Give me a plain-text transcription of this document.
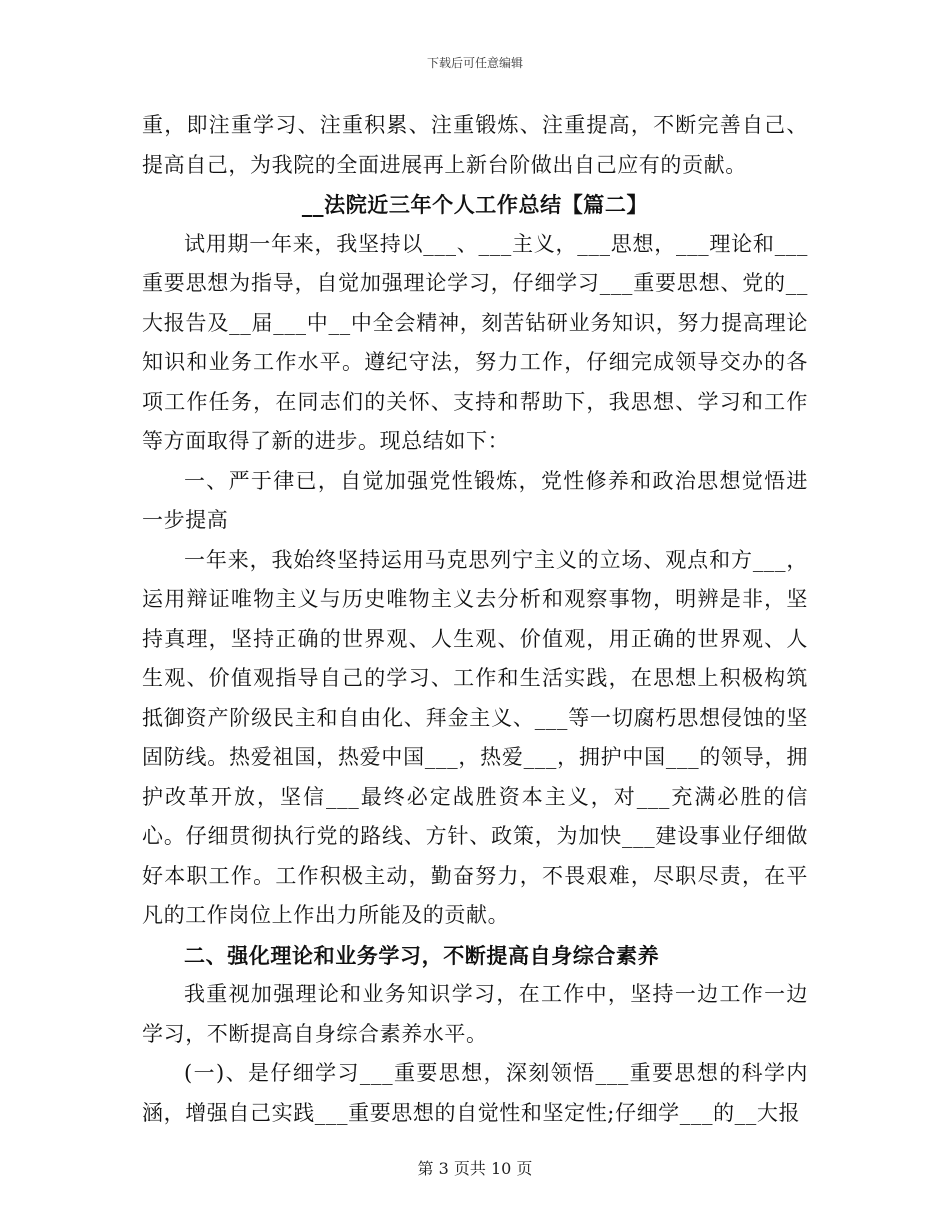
下载后可任意编辑

重，即注重学习、注重积累、注重锻炼、注重提高，不断完善自己、提高自己，为我院的全面进展再上新台阶做出自己应有的贡献。

__法院近三年个人工作总结【篇二】

试用期一年来，我坚持以___、___主义，___思想，___理论和___重要思想为指导，自觉加强理论学习，仔细学习___重要思想、党的__大报告及__届___中__中全会精神，刻苦钻研业务知识，努力提高理论知识和业务工作水平。遵纪守法，努力工作，仔细完成领导交办的各项工作任务，在同志们的关怀、支持和帮助下，我思想、学习和工作等方面取得了新的进步。现总结如下：

一、严于律已，自觉加强党性锻炼，党性修养和政治思想觉悟进一步提高

一年来，我始终坚持运用马克思列宁主义的立场、观点和方___，运用辩证唯物主义与历史唯物主义去分析和观察事物，明辨是非，坚持真理，坚持正确的世界观、人生观、价值观，用正确的世界观、人生观、价值观指导自己的学习、工作和生活实践，在思想上积极构筑抵御资产阶级民主和自由化、拜金主义、___等一切腐朽思想侵蚀的坚固防线。热爱祖国，热爱中国___，热爱___，拥护中国___的领导，拥护改革开放，坚信___最终必定战胜资本主义，对___充满必胜的信心。仔细贯彻执行党的路线、方针、政策，为加快___建设事业仔细做好本职工作。工作积极主动，勤奋努力，不畏艰难，尽职尽责，在平凡的工作岗位上作出力所能及的贡献。

二、强化理论和业务学习，不断提高自身综合素养

我重视加强理论和业务知识学习，在工作中，坚持一边工作一边学习，不断提高自身综合素养水平。

(一)、是仔细学习___重要思想，深刻领悟___重要思想的科学内涵，增强自己实践___重要思想的自觉性和坚定性;仔细学___的__大报

第 3 页共 10 页
